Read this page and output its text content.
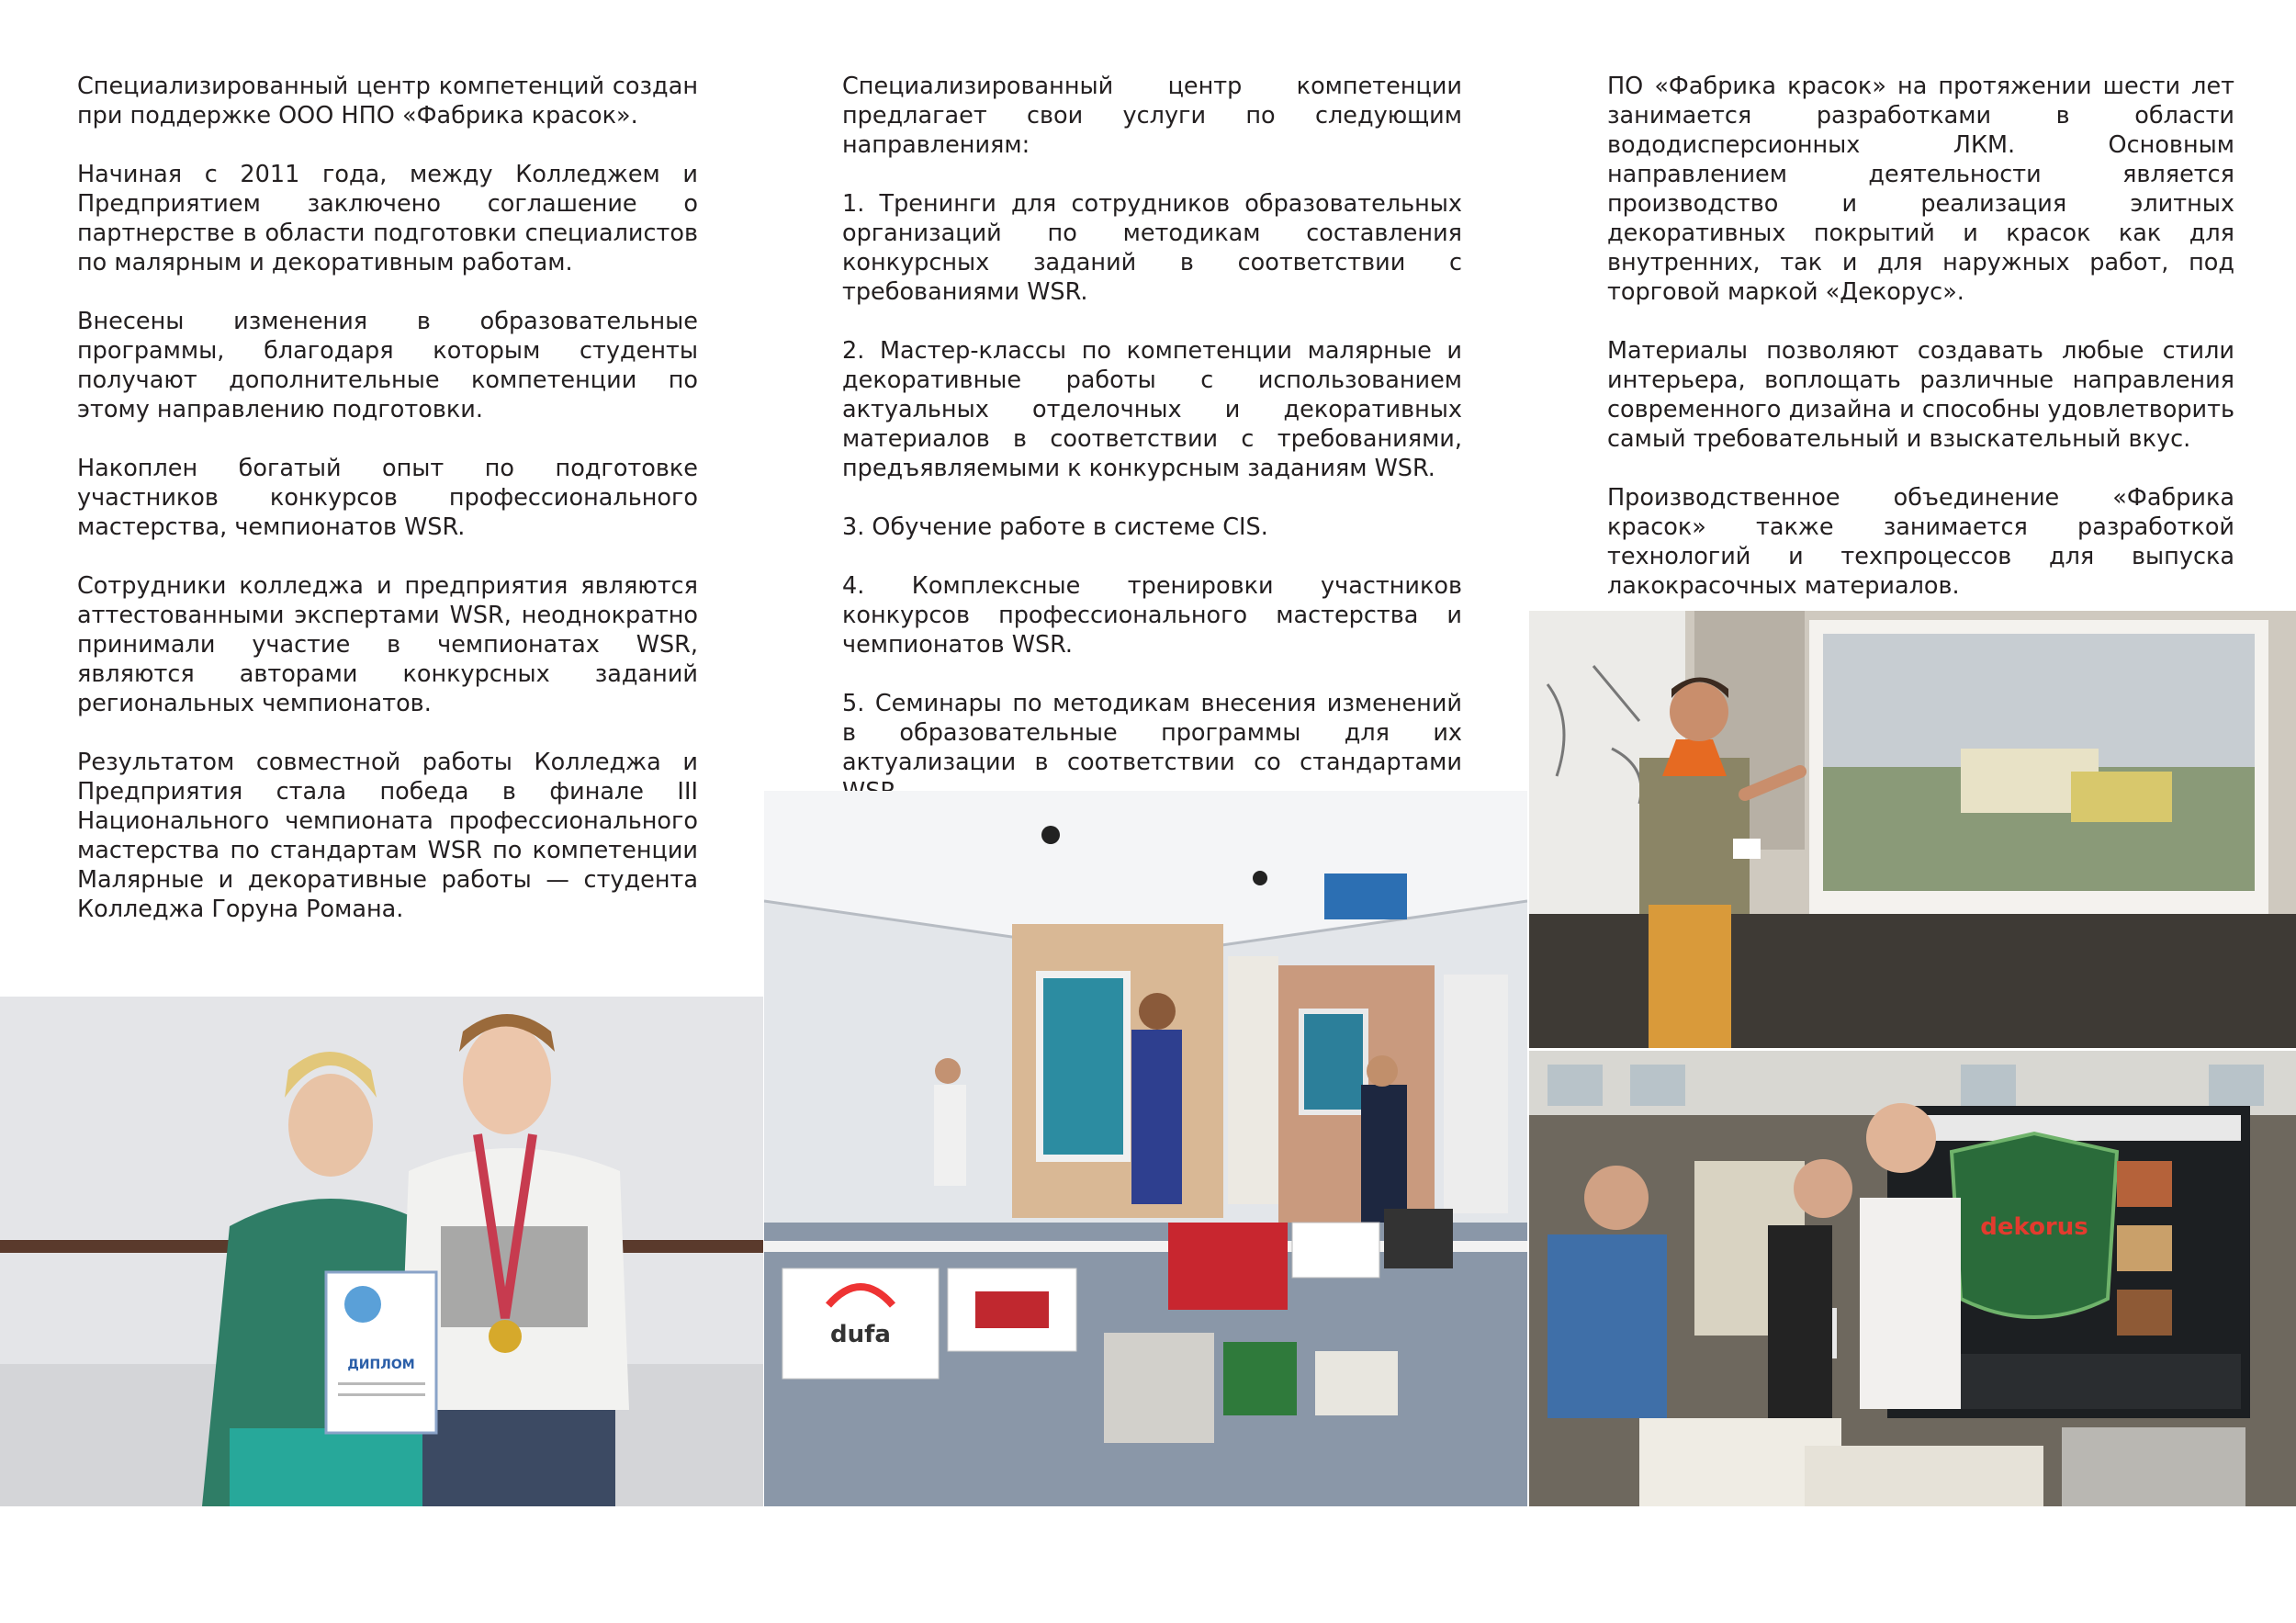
Специализированный центр компетенций создан при поддержке ООО НПО «Фабрика красок».

Начиная с 2011 года, между Колледжем и Предприятием заключено соглашение о партнерстве в области подготовки специалистов по малярным и декоративным работам.

Внесены изменения в образовательные программы, благодаря которым студенты получают дополнительные компетенции по этому направлению подготовки.

Накоплен богатый опыт по подготовке участников конкурсов профессионального мастерства, чемпионатов WSR.

Сотрудники колледжа и предприятия являются аттестованными экспертами WSR, неоднократно принимали участие в чемпионатах WSR, являются авторами конкурсных заданий региональных чемпионатов.

Результатом совместной работы Колледжа и Предприятия стала победа в финале III Национального чемпионата профессионального мастерства по стандартам WSR по компетенции Малярные и декоративные работы — студента Колледжа Горуна Романа.

Специализированный центр компетенции предлагает свои услуги по следующим направлениям:

1. Тренинги для сотрудников образовательных организаций по методикам составления конкурсных заданий в соответствии с требованиями WSR.

2. Мастер-классы по компетенции малярные и декоративные работы с использованием актуальных отделочных и декоративных материалов в соответствии с требованиями, предъявляемыми к конкурсным заданиям WSR.

3. Обучение работе в системе CIS.

4. Комплексные тренировки участников конкурсов профессионального мастерства и чемпионатов WSR.

5. Семинары по методикам внесения изменений в образовательные программы для их актуализации в соответствии со стандартами

ПО «Фабрика красок» на протяжении шести лет занимается разработками в области вододисперсионных ЛКМ. Основным направлением деятельности является производство и реализация элитных декоративных покрытий и красок как для внутренних, так и для наружных работ, под торговой маркой «Декорус».

Материалы позволяют создавать любые стили интерьера, воплощать различные направления современного дизайна и способны удовлетворить самый требовательный и взыскательный вкус.

Производственное объединение «Фабрика красок» также занимается разработкой технологий и техпроцессов для выпуска лакокрасочных материалов.

ДИПЛОМ
dufa
dekorus
